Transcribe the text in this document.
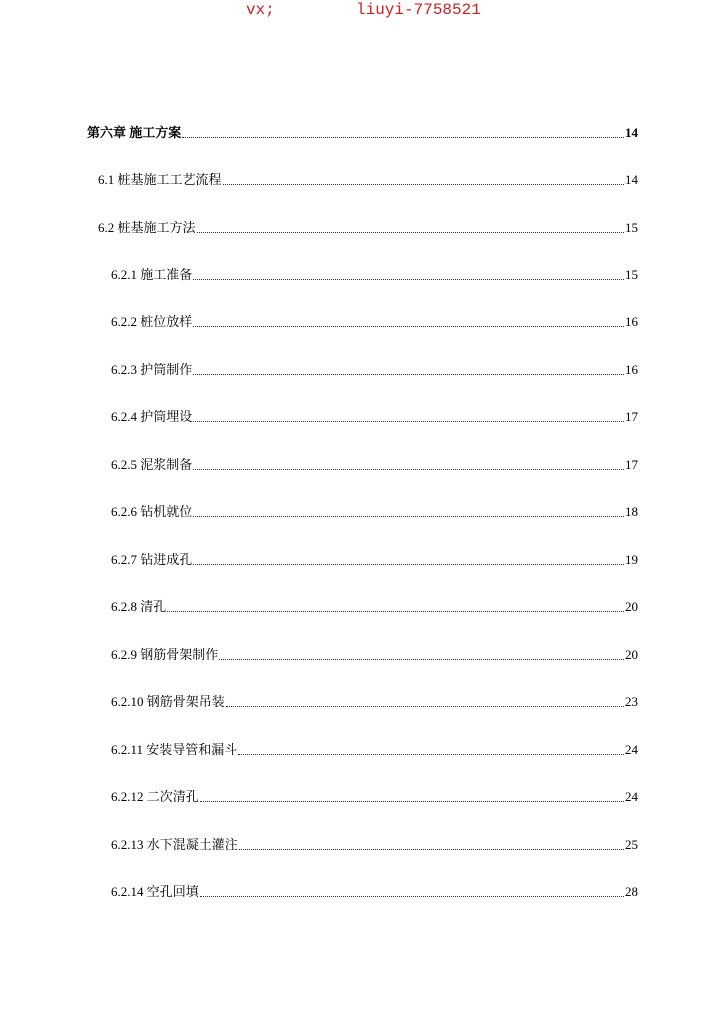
vx;	liuyi-7758521
第六章 施工方案	14
6.1 桩基施工工艺流程	14
6.2 桩基施工方法	15
6.2.1 施工准备	15
6.2.2 桩位放样	16
6.2.3 护筒制作	16
6.2.4 护筒埋设	17
6.2.5 泥浆制备	17
6.2.6 钻机就位	18
6.2.7 钻进成孔	19
6.2.8 清孔	20
6.2.9 钢筋骨架制作	20
6.2.10 钢筋骨架吊装	23
6.2.11 安装导管和漏斗	24
6.2.12 二次清孔	24
6.2.13 水下混凝土灌注	25
6.2.14 空孔回填	28
